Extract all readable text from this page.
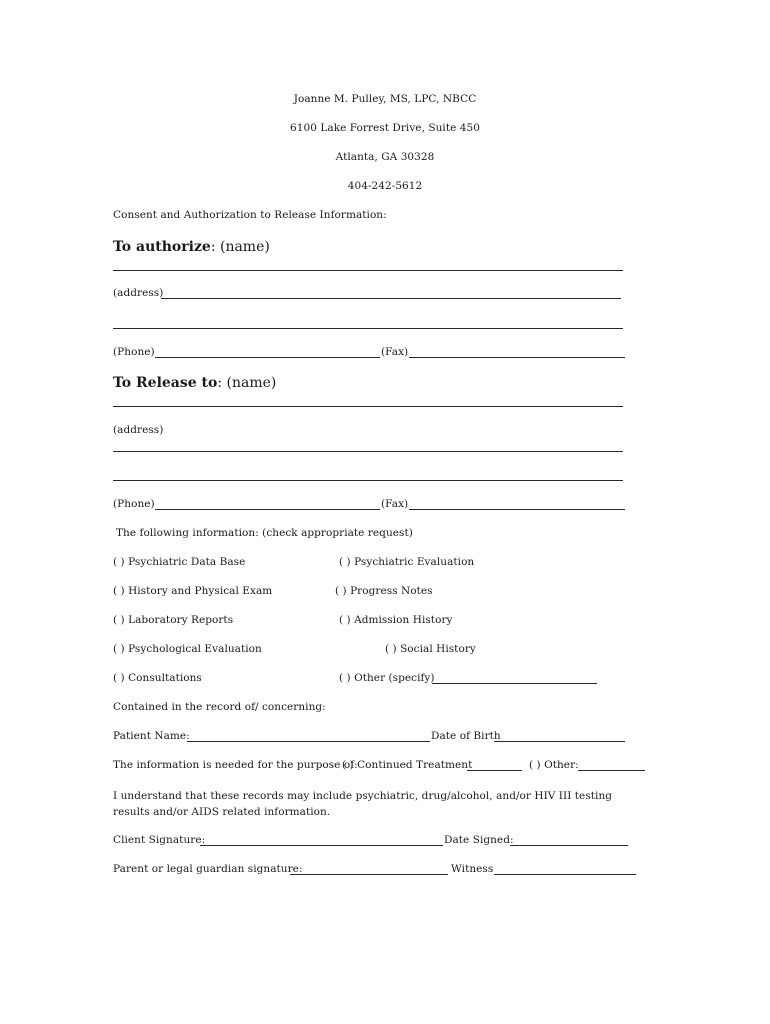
Joanne M. Pulley, MS, LPC, NBCC
6100 Lake Forrest Drive, Suite 450
Atlanta, GA 30328
404-242-5612
Consent and Authorization to Release Information:
To authorize: (name)
(address)
(Phone)	(Fax)
To Release to: (name)
(address)
(Phone)	(Fax)
The following information: (check appropriate request)
( ) Psychiatric Data Base	( ) Psychiatric Evaluation
( ) History and Physical Exam	( ) Progress Notes
( ) Laboratory Reports	( ) Admission History
( ) Psychological Evaluation	( ) Social History
( ) Consultations	( ) Other (specify)
Contained in the record of/ concerning:
Patient Name:	Date of Birth
The information is needed for the purpose of:
( ) Continued Treatment	( ) Other:
I understand that these records may include psychiatric, drug/alcohol, and/or HIV III testing results and/or AIDS related information.
Client Signature:	Date Signed:
Parent or legal guardian signature:	Witness
